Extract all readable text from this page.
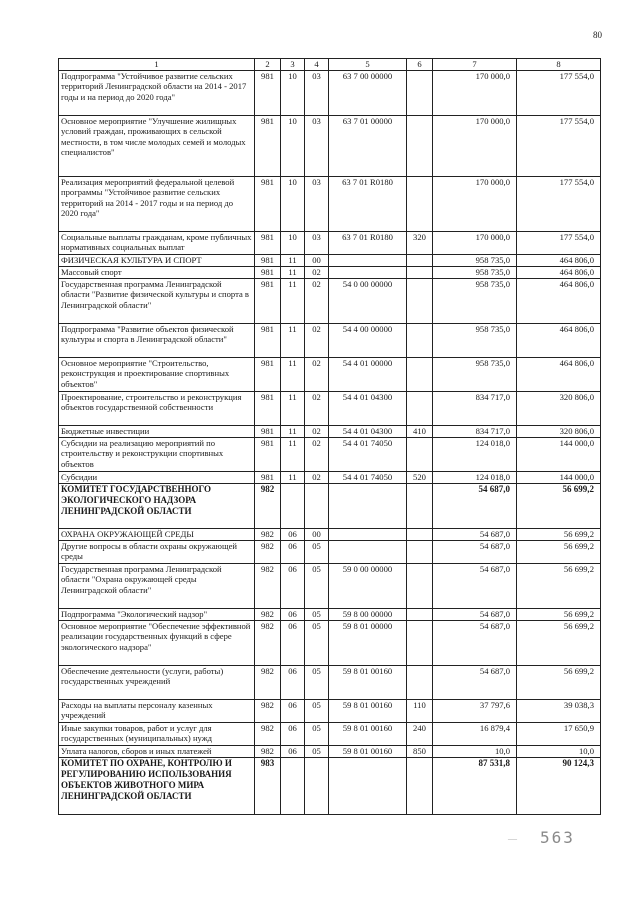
80
1	2	3	4	5	6	7	8
Подпрограмма "Устойчивое развитие сельских территорий Ленинградской области на 2014 - 2017 годы и на период до 2020 года"	981	10	03	63 7 00 00000		170 000,0	177 554,0
Основное мероприятие "Улучшение жилищных условий граждан, проживающих в сельской местности, в том числе молодых семей и молодых специалистов"	981	10	03	63 7 01 00000		170 000,0	177 554,0
Реализация мероприятий федеральной целевой программы "Устойчивое развитие сельских территорий на 2014 - 2017 годы и на период до 2020 года"	981	10	03	63 7 01 R0180		170 000,0	177 554,0
Социальные выплаты гражданам, кроме публичных нормативных социальных выплат	981	10	03	63 7 01 R0180	320	170 000,0	177 554,0
ФИЗИЧЕСКАЯ КУЛЬТУРА И СПОРТ	981	11	00			958 735,0	464 806,0
Массовый спорт	981	11	02			958 735,0	464 806,0
Государственная программа Ленинградской области "Развитие физической культуры и спорта в Ленинградской области"	981	11	02	54 0 00 00000		958 735,0	464 806,0
Подпрограмма "Развитие объектов физической культуры и спорта в Ленинградской области"	981	11	02	54 4 00 00000		958 735,0	464 806,0
Основное мероприятие "Строительство, реконструкция и проектирование спортивных объектов"	981	11	02	54 4 01 00000		958 735,0	464 806,0
Проектирование, строительство и реконструкция объектов государственной собственности	981	11	02	54 4 01 04300		834 717,0	320 806,0
Бюджетные инвестиции	981	11	02	54 4 01 04300	410	834 717,0	320 806,0
Субсидии на реализацию мероприятий по строительству и реконструкции спортивных объектов	981	11	02	54 4 01 74050		124 018,0	144 000,0
Субсидии	981	11	02	54 4 01 74050	520	124 018,0	144 000,0
КОМИТЕТ ГОСУДАРСТВЕННОГО ЭКОЛОГИЧЕСКОГО НАДЗОРА ЛЕНИНГРАДСКОЙ ОБЛАСТИ	982					54 687,0	56 699,2
ОХРАНА ОКРУЖАЮЩЕЙ СРЕДЫ	982	06	00			54 687,0	56 699,2
Другие вопросы в области охраны окружающей среды	982	06	05			54 687,0	56 699,2
Государственная программа Ленинградской области "Охрана окружающей среды Ленинградской области"	982	06	05	59 0 00 00000		54 687,0	56 699,2
Подпрограмма "Экологический надзор"	982	06	05	59 8 00 00000		54 687,0	56 699,2
Основное мероприятие "Обеспечение эффективной реализации государственных функций в сфере экологического надзора"	982	06	05	59 8 01 00000		54 687,0	56 699,2
Обеспечение деятельности (услуги, работы) государственных учреждений	982	06	05	59 8 01 00160		54 687,0	56 699,2
Расходы на выплаты персоналу казенных учреждений	982	06	05	59 8 01 00160	110	37 797,6	39 038,3
Иные закупки товаров, работ и услуг для государственных (муниципальных) нужд	982	06	05	59 8 01 00160	240	16 879,4	17 650,9
Уплата налогов, сборов и иных платежей	982	06	05	59 8 01 00160	850	10,0	10,0
КОМИТЕТ ПО ОХРАНЕ, КОНТРОЛЮ И РЕГУЛИРОВАНИЮ ИСПОЛЬЗОВАНИЯ ОБЪЕКТОВ ЖИВОТНОГО МИРА ЛЕНИНГРАДСКОЙ ОБЛАСТИ	983					87 531,8	90 124,3
— 563
